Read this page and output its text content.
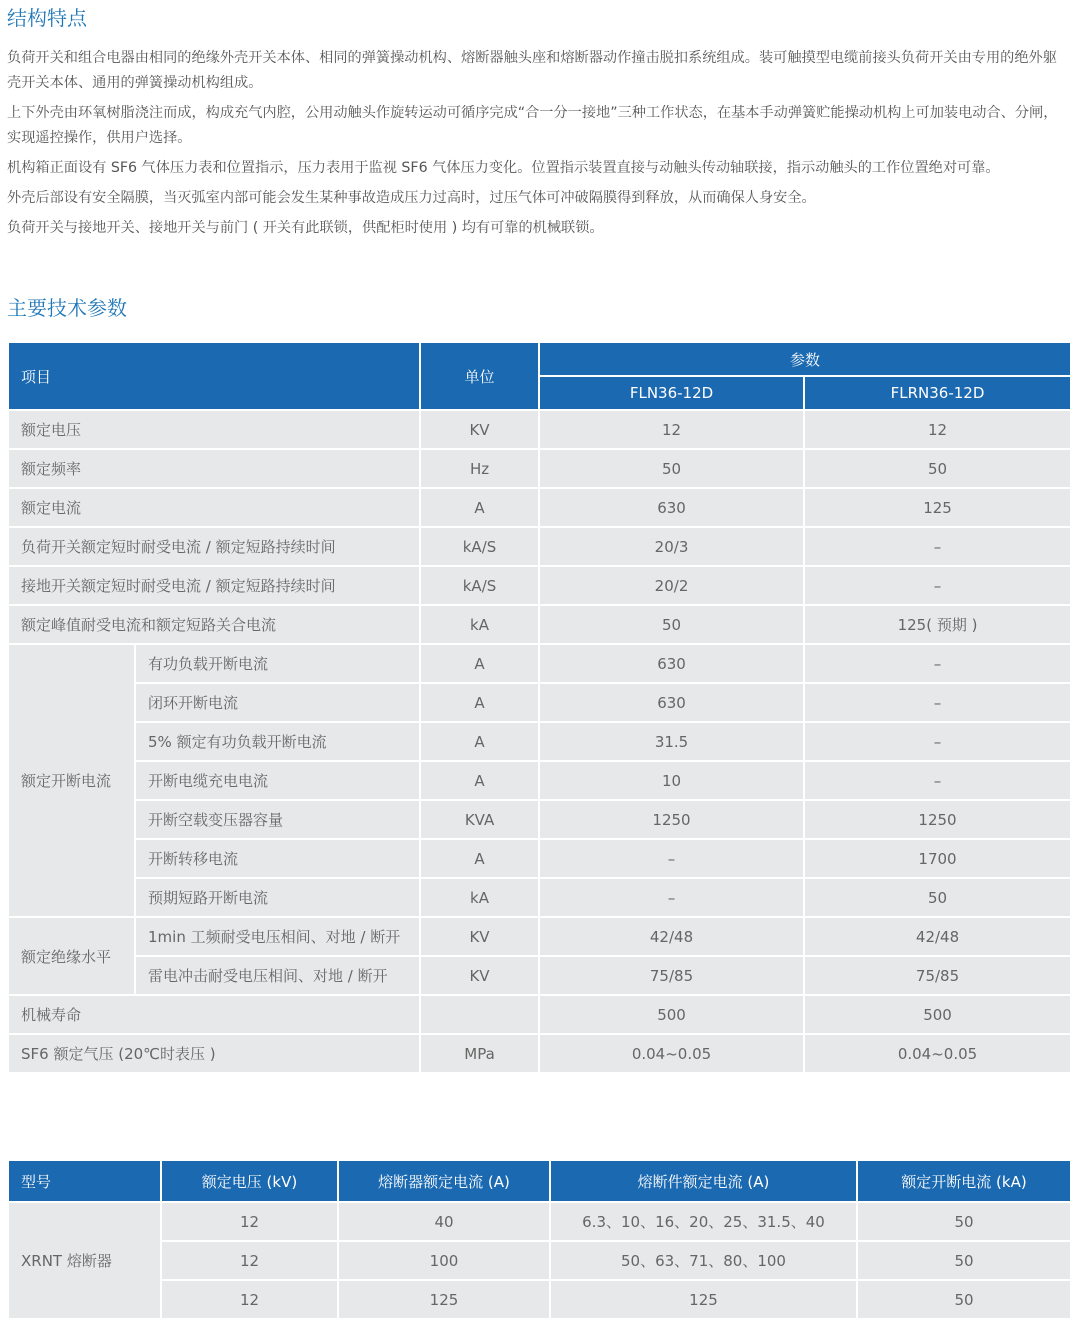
结构特点

负荷开关和组合电器由相同的绝缘外壳开关本体、相同的弹簧操动机构、熔断器触头座和熔断器动作撞击脱扣系统组成。装可触摸型电缆前接头负荷开关由专用的绝外躯壳开关本体、通用的弹簧操动机构组成。

上下外壳由环氧树脂浇注而成，构成充气内腔，公用动触头作旋转运动可循序完成“合一分一接地”三种工作状态，在基本手动弹簧贮能操动机构上可加装电动合、分闸，实现遥控操作，供用户选择。

机构箱正面设有 SF6 气体压力表和位置指示，压力表用于监视 SF6 气体压力变化。位置指示装置直接与动触头传动轴联接，指示动触头的工作位置绝对可靠。

外壳后部设有安全隔膜，当灭弧室内部可能会发生某种事故造成压力过高时，过压气体可冲破隔膜得到释放，从而确保人身安全。

负荷开关与接地开关、接地开关与前门 ( 开关有此联锁，供配柜时使用 ) 均有可靠的机械联锁。

主要技术参数
项目		单位	参数	
			FLN36-12D	FLRN36-12D
额定电压		KV	12	12
额定频率		Hz	50	50
额定电流		A	630	125
负荷开关额定短时耐受电流 / 额定短路持续时间		kA/S	20/3	–
接地开关额定短时耐受电流 / 额定短路持续时间		kA/S	20/2	–
额定峰值耐受电流和额定短路关合电流		kA	50	125( 预期 )
额定开断电流	有功负载开断电流	A	630	–
	闭环开断电流	A	630	–
	5% 额定有功负载开断电流	A	31.5	–
	开断电缆充电电流	A	10	–
	开断空载变压器容量	KVA	1250	1250
	开断转移电流	A	–	1700
	预期短路开断电流	kA	–	50
额定绝缘水平	1min 工频耐受电压相间、对地 / 断开	KV	42/48	42/48
	雷电冲击耐受电压相间、对地 / 断开	KV	75/85	75/85
机械寿命			500	500
SF6 额定气压 (20℃时表压 )		MPa	0.04~0.05	0.04~0.05
型号	额定电压 (kV)	熔断器额定电流 (A)	熔断件额定电流 (A)	额定开断电流 (kA)
XRNT 熔断器	12	40	6.3、10、16、20、25、31.5、40	50
	12	100	50、63、71、80、100	50
	12	125	125	50
